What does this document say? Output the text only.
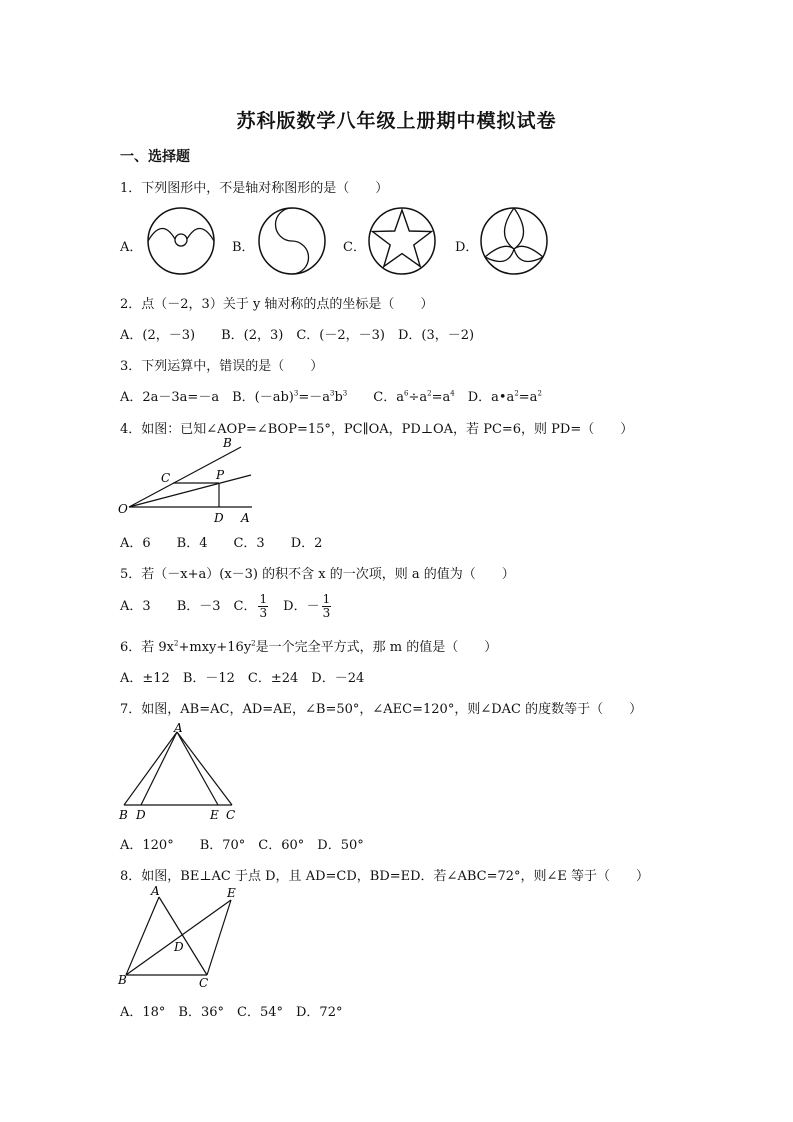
苏科版数学八年级上册期中模拟试卷
一、选择题
1．下列图形中，不是轴对称图形的是（　　）
A．	B．	C．	D．
2．点（－2，3）关于 y 轴对称的点的坐标是（　　）
A．(2，－3)　　B．(2，3)　C．(－2，－3)　D．(3，－2)
3．下列运算中，错误的是（　　）
A．2a－3a=－a　 B．$(-ab)^3=-a^3b^3$　　 C．$a^6\div a^2=a^4$　 D．$a•a^2=a^2$
4．如图：已知∠AOP=∠BOP=15°，PC∥OA，PD⊥OA，若 PC=6，则 PD=（　　）
B
C	P
O
D A
A．6　　B．4　　C．3　　D．2
5．若（－x+a）(x－3) 的积不含 x 的一次项，则 a 的值为（　　）
A．3　　 B．－3　 C． $\frac{1}{3}$
　 D．－ $\frac{1}{3}$
6．若 $9x^2+mxy+16y^2$是一个完全平方式，那 m 的值是（　　）
A．±12　B．－12　C．±24　D．－24
7．如图，AB=AC，AD=AE，∠B=50°，∠AEC=120°，则∠DAC 的度数等于（　　）
A
B D	E C
A．120°　　B．70°　C．60°　D．50°
8．如图，BE⊥AC 于点 D，且 AD=CD，BD=ED．若∠ABC=72°，则∠E 等于（　　）
A	E
D
B	C
A．18°　B．36°　C．54°　D．72°
